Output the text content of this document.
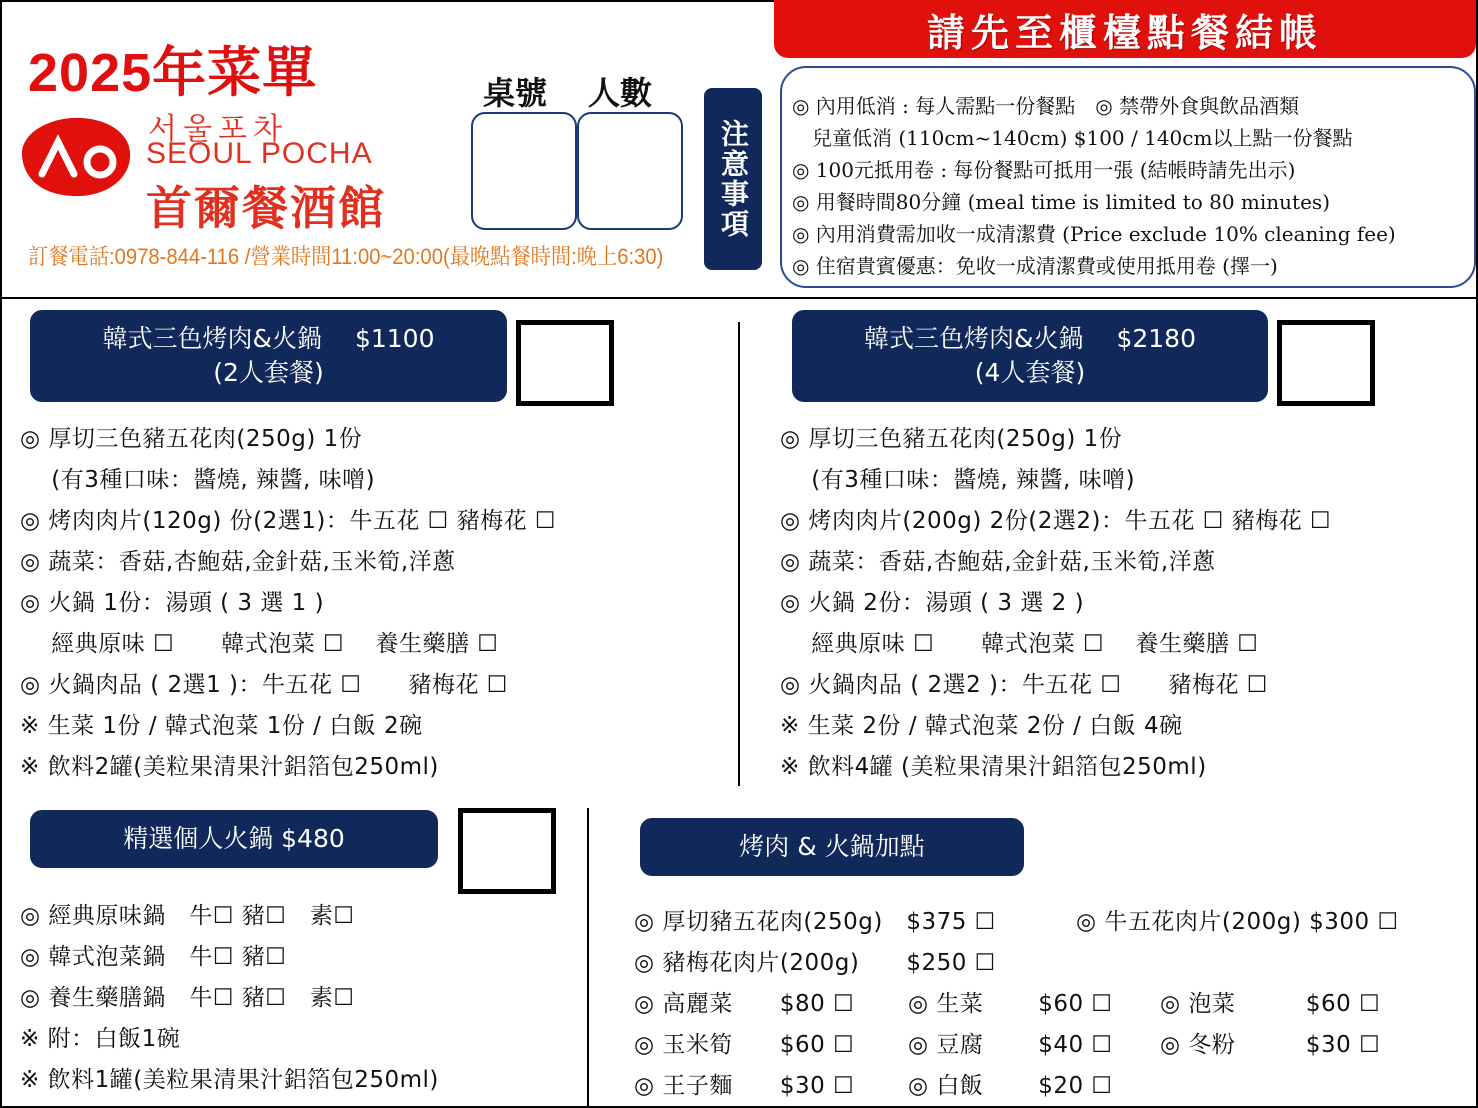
2025年菜單
서울포차
SEOUL POCHA
首爾餐酒館
訂餐電話:0978-844-116 /營業時間11:00~20:00(最晚點餐時間:晚上6:30)
桌號 人數
注意事項
請先至櫃檯點餐結帳
◎ 內用低消 : 每人需點一份餐點　◎ 禁帶外食與飲品酒類
　兒童低消 (110cm~140cm) $100 / 140cm以上點一份餐點
◎ 100元抵用卷 : 每份餐點可抵用一張 (結帳時請先出示)
◎ 用餐時間80分鐘 (meal time is limited to 80 minutes)
◎ 內用消費需加收一成清潔費 (Price exclude 10% cleaning fee)
◎ 住宿貴賓優惠：免收一成清潔費或使用抵用卷 (擇一)
韓式三色烤肉&火鍋　 $1100
(2人套餐)
◎ 厚切三色豬五花肉(250g) 1份
　 (有3種口味：醬燒, 辣醬, 味噌)
◎ 烤肉肉片(120g) 份(2選1)：牛五花 ☐ 豬梅花 ☐
◎ 蔬菜：香菇,杏鮑菇,金針菇,玉米筍,洋蔥
◎ 火鍋 1份：湯頭 ( 3 選 1 )
　 經典原味 ☐　　韓式泡菜 ☐　 養生藥膳 ☐
◎ 火鍋肉品 ( 2選1 )：牛五花 ☐　　豬梅花 ☐
※ 生菜 1份 / 韓式泡菜 1份 / 白飯 2碗
※ 飲料2罐(美粒果清果汁鋁箔包250ml)
韓式三色烤肉&火鍋　 $2180
(4人套餐)
◎ 厚切三色豬五花肉(250g) 1份
　 (有3種口味：醬燒, 辣醬, 味噌)
◎ 烤肉肉片(200g) 2份(2選2)：牛五花 ☐ 豬梅花 ☐
◎ 蔬菜：香菇,杏鮑菇,金針菇,玉米筍,洋蔥
◎ 火鍋 2份：湯頭 ( 3 選 2 )
　 經典原味 ☐　　韓式泡菜 ☐　 養生藥膳 ☐
◎ 火鍋肉品 ( 2選2 )：牛五花 ☐　　豬梅花 ☐
※ 生菜 2份 / 韓式泡菜 2份 / 白飯 4碗
※ 飲料4罐 (美粒果清果汁鋁箔包250ml)
精選個人火鍋 $480
◎ 經典原味鍋　牛☐ 豬☐　素☐
◎ 韓式泡菜鍋　牛☐ 豬☐
◎ 養生藥膳鍋　牛☐ 豬☐　素☐
※ 附：白飯1碗
※ 飲料1罐(美粒果清果汁鋁箔包250ml)
烤肉 & 火鍋加點
◎ 厚切豬五花肉(250g)　$375 ☐	◎ 牛五花肉片(200g) $300 ☐
◎ 豬梅花肉片(200g)　　$250 ☐
◎ 高麗菜　　$80 ☐ ◎ 生菜　　 $60 ☐ ◎ 泡菜　　　$60 ☐
◎ 玉米筍　　$60 ☐ ◎ 豆腐　　 $40 ☐ ◎ 冬粉　　　$30 ☐
◎ 王子麵　　$30 ☐ ◎ 白飯　　 $20 ☐
